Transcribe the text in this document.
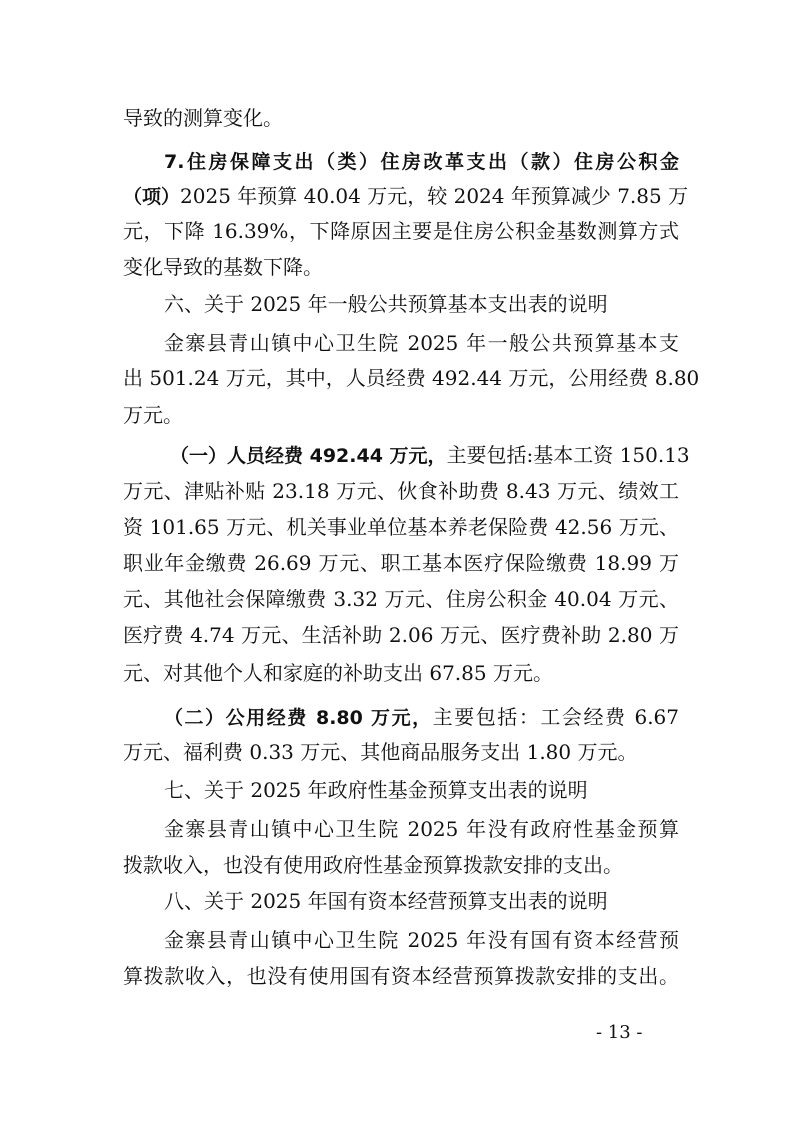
导致的测算变化。
7.住房保障支出（类）住房改革支出（款）住房公积金
（项）2025 年预算 40.04 万元，较 2024 年预算减少 7.85 万
元，下降 16.39%，下降原因主要是住房公积金基数测算方式
变化导致的基数下降。
六、关于 2025 年一般公共预算基本支出表的说明
金寨县青山镇中心卫生院 2025 年一般公共预算基本支
出 501.24 万元，其中，人员经费 492.44 万元，公用经费 8.80
万元。
（一）人员经费 492.44 万元，主要包括:基本工资 150.13
万元、津贴补贴 23.18 万元、伙食补助费 8.43 万元、绩效工
资 101.65 万元、机关事业单位基本养老保险费 42.56 万元、
职业年金缴费 26.69 万元、职工基本医疗保险缴费 18.99 万
元、其他社会保障缴费 3.32 万元、住房公积金 40.04 万元、
医疗费 4.74 万元、生活补助 2.06 万元、医疗费补助 2.80 万
元、对其他个人和家庭的补助支出 67.85 万元。
（二）公用经费 8.80 万元，主要包括：工会经费 6.67
万元、福利费 0.33 万元、其他商品服务支出 1.80 万元。
七、关于 2025 年政府性基金预算支出表的说明
金寨县青山镇中心卫生院 2025 年没有政府性基金预算
拨款收入，也没有使用政府性基金预算拨款安排的支出。
八、关于 2025 年国有资本经营预算支出表的说明
金寨县青山镇中心卫生院 2025 年没有国有资本经营预
算拨款收入，也没有使用国有资本经营预算拨款安排的支出。
- 13 -
